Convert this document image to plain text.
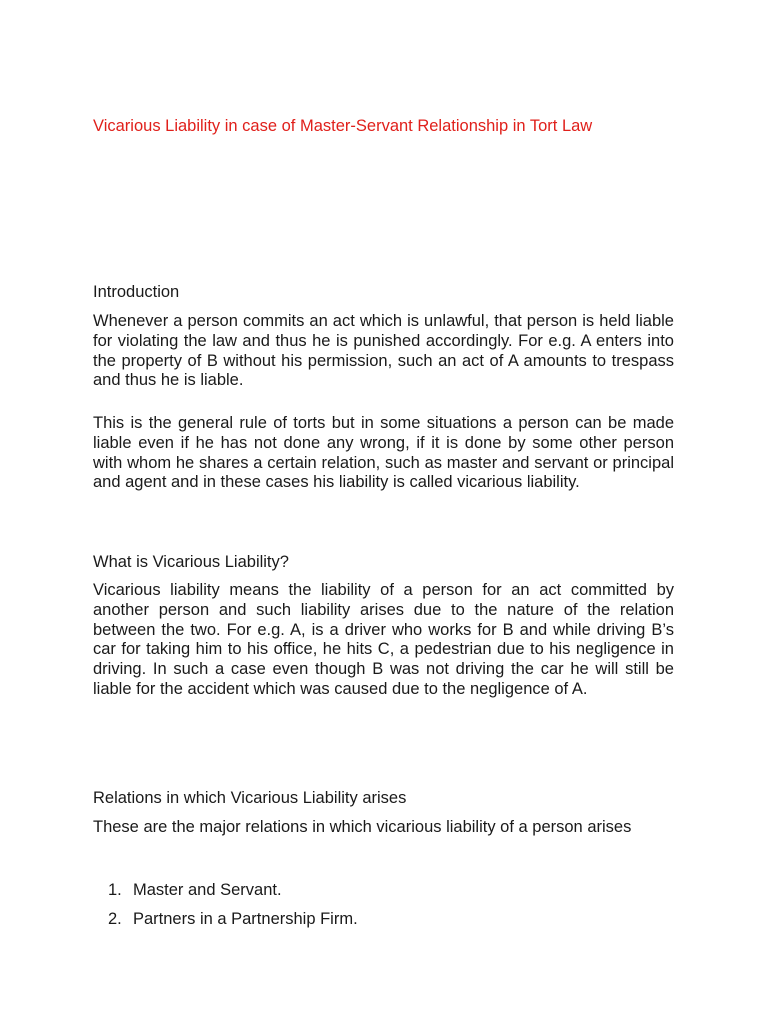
Vicarious Liability in case of Master-Servant Relationship in Tort Law
Introduction

Whenever a person commits an act which is unlawful, that person is held liable for violating the law and thus he is punished accordingly. For e.g. A enters into the property of B without his permission, such an act of A amounts to trespass and thus he is liable.

This is the general rule of torts but in some situations a person can be made liable even if he has not done any wrong, if it is done by some other person with whom he shares a certain relation, such as master and servant or principal and agent and in these cases his liability is called vicarious liability.

What is Vicarious Liability?

Vicarious liability means the liability of a person for an act committed by another person and such liability arises due to the nature of the relation between the two. For e.g. A, is a driver who works for B and while driving B’s car for taking him to his office, he hits C, a pedestrian due to his negligence in driving. In such a case even though B was not driving the car he will still be liable for the accident which was caused due to the negligence of A.

Relations in which Vicarious Liability arises

These are the major relations in which vicarious liability of a person arises

1. Master and Servant.
2. Partners in a Partnership Firm.
